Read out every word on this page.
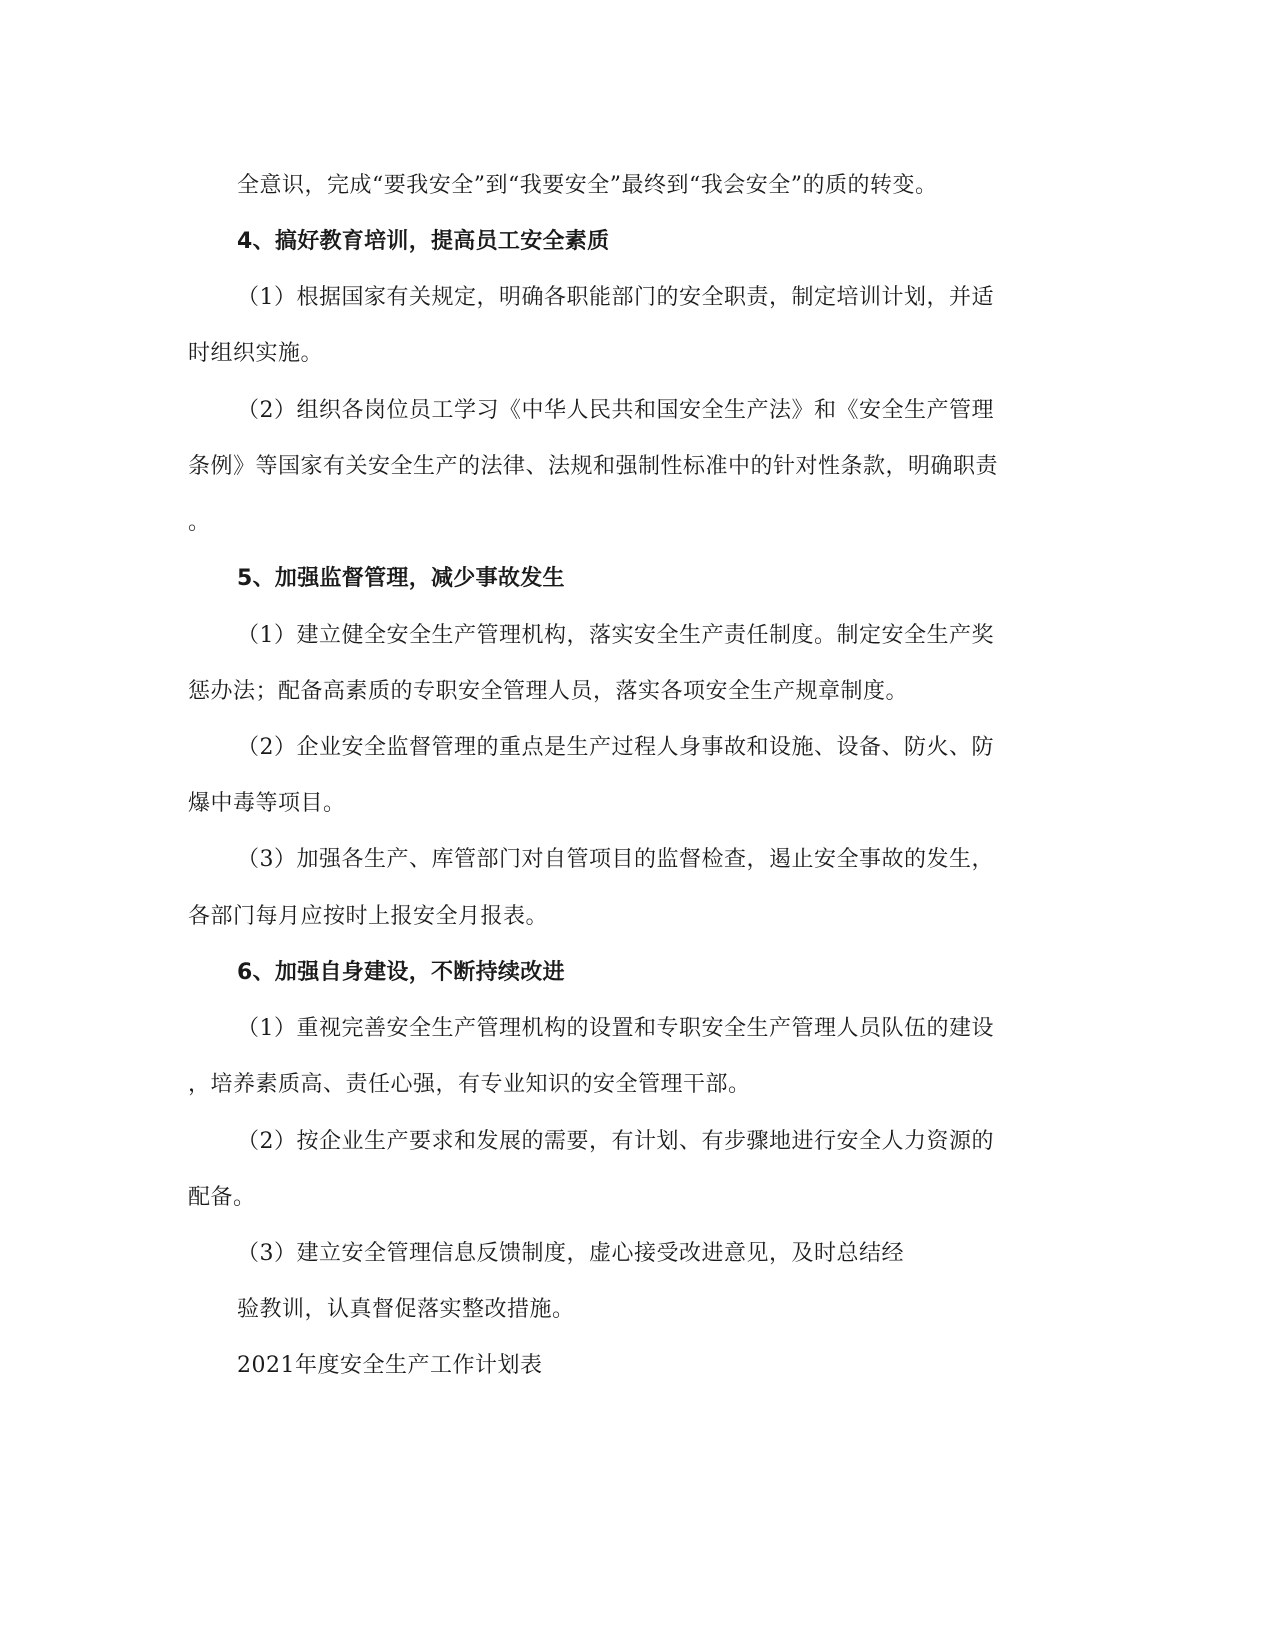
全意识，完成“要我安全”到“我要安全”最终到“我会安全”的质的转变。
4、搞好教育培训，提高员工安全素质
（1）根据国家有关规定，明确各职能部门的安全职责，制定培训计划，并适
时组织实施。
（2）组织各岗位员工学习《中华人民共和国安全生产法》和《安全生产管理
条例》等国家有关安全生产的法律、法规和强制性标准中的针对性条款，明确职责
。
5、加强监督管理，减少事故发生
（1）建立健全安全生产管理机构，落实安全生产责任制度。制定安全生产奖
惩办法；配备高素质的专职安全管理人员，落实各项安全生产规章制度。
（2）企业安全监督管理的重点是生产过程人身事故和设施、设备、防火、防
爆中毒等项目。
（3）加强各生产、库管部门对自管项目的监督检查，遏止安全事故的发生，
各部门每月应按时上报安全月报表。
6、加强自身建设，不断持续改进
（1）重视完善安全生产管理机构的设置和专职安全生产管理人员队伍的建设
，培养素质高、责任心强，有专业知识的安全管理干部。
（2）按企业生产要求和发展的需要，有计划、有步骤地进行安全人力资源的
配备。
（3）建立安全管理信息反馈制度，虚心接受改进意见，及时总结经
验教训，认真督促落实整改措施。
2021年度安全生产工作计划表
